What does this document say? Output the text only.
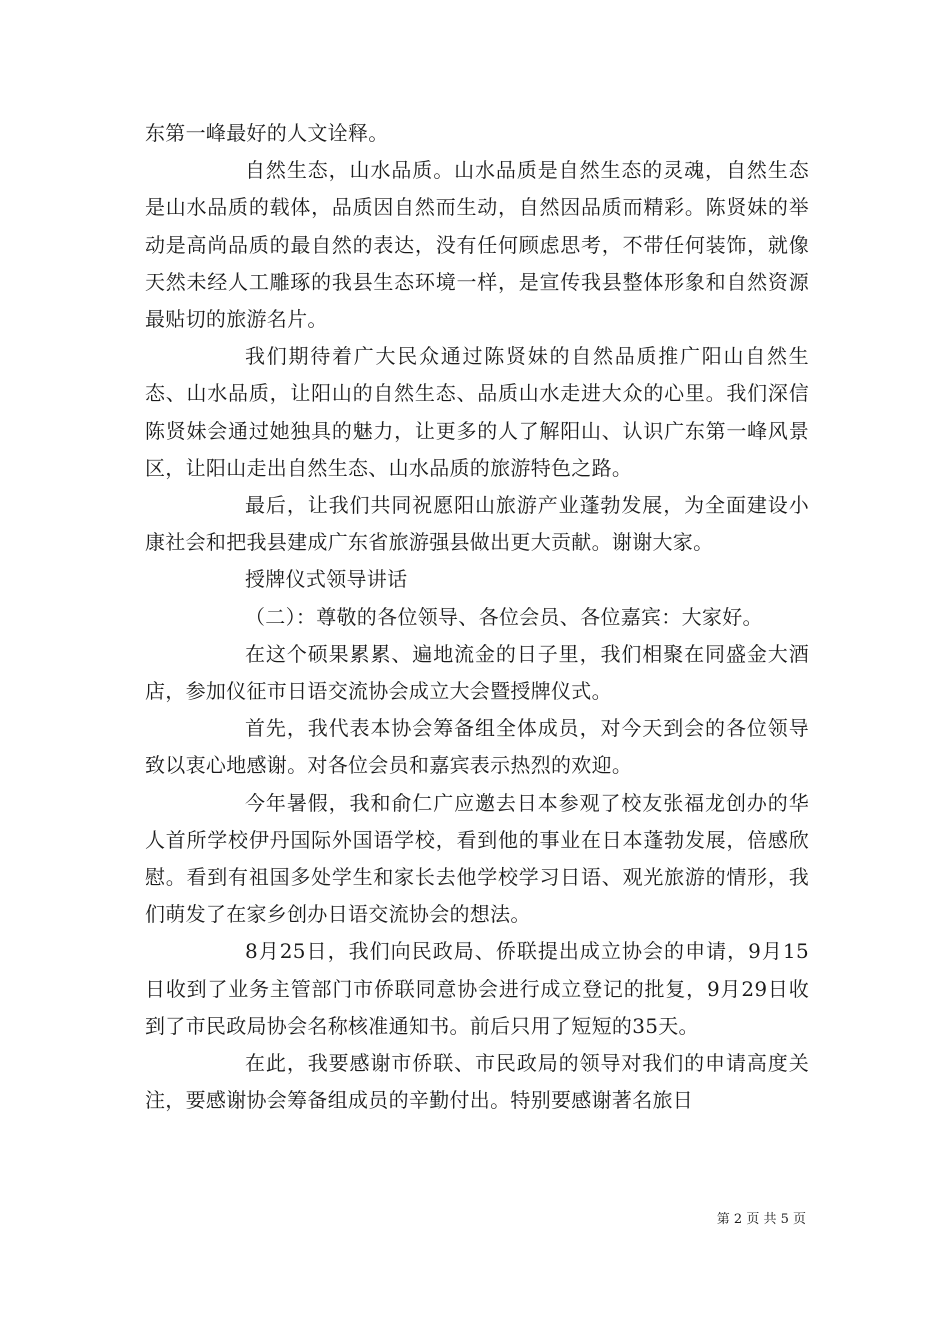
东第一峰最好的人文诠释。

自然生态，山水品质。山水品质是自然生态的灵魂，自然生态是山水品质的载体，品质因自然而生动，自然因品质而精彩。陈贤妹的举动是高尚品质的最自然的表达，没有任何顾虑思考，不带任何装饰，就像天然未经人工雕琢的我县生态环境一样，是宣传我县整体形象和自然资源最贴切的旅游名片。

我们期待着广大民众通过陈贤妹的自然品质推广阳山自然生态、山水品质，让阳山的自然生态、品质山水走进大众的心里。我们深信陈贤妹会通过她独具的魅力，让更多的人了解阳山、认识广东第一峰风景区，让阳山走出自然生态、山水品质的旅游特色之路。

最后，让我们共同祝愿阳山旅游产业蓬勃发展，为全面建设小康社会和把我县建成广东省旅游强县做出更大贡献。谢谢大家。

授牌仪式领导讲话

（二）：尊敬的各位领导、各位会员、各位嘉宾：大家好。

在这个硕果累累、遍地流金的日子里，我们相聚在同盛金大酒店，参加仪征市日语交流协会成立大会暨授牌仪式。

首先，我代表本协会筹备组全体成员，对今天到会的各位领导致以衷心地感谢。对各位会员和嘉宾表示热烈的欢迎。

今年暑假，我和俞仁广应邀去日本参观了校友张福龙创办的华人首所学校伊丹国际外国语学校，看到他的事业在日本蓬勃发展，倍感欣慰。看到有祖国多处学生和家长去他学校学习日语、观光旅游的情形，我们萌发了在家乡创办日语交流协会的想法。

8月25日，我们向民政局、侨联提出成立协会的申请，9月15日收到了业务主管部门市侨联同意协会进行成立登记的批复，9月29日收到了市民政局协会名称核准通知书。前后只用了短短的35天。

在此，我要感谢市侨联、市民政局的领导对我们的申请高度关注，要感谢协会筹备组成员的辛勤付出。特别要感谢著名旅日

第 2 页 共 5 页
